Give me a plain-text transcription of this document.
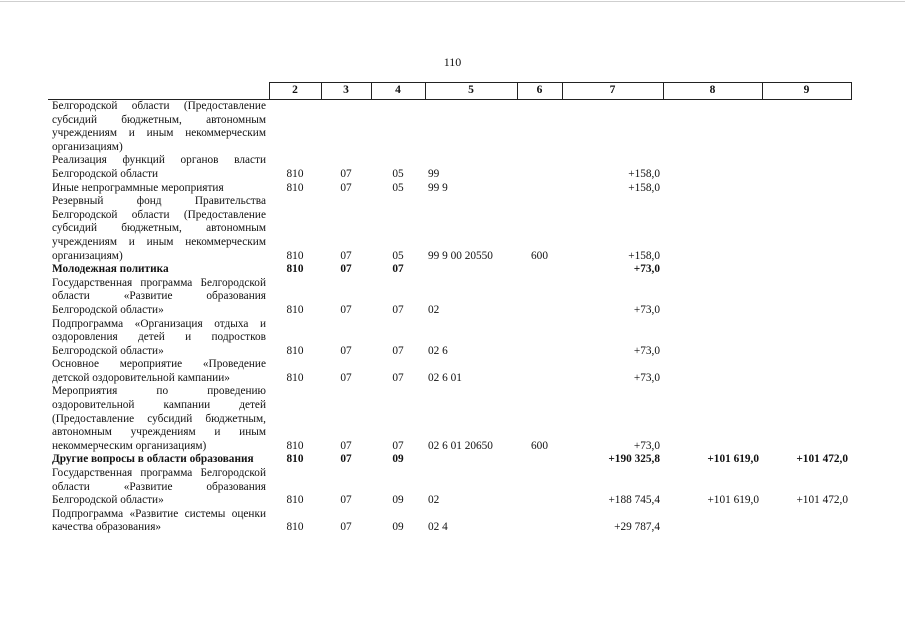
110
	2	3	4	5	6	7	8	9
Белгородской области (Предоставление субсидий бюджетным, автономным учреждениям и иным некоммерческим организациям)								
Реализация функций органов власти Белгородской области	810	07	05	99		+158,0		
Иные непрограммные мероприятия	810	07	05	99 9		+158,0		
Резервный фонд Правительства Белгородской области (Предоставление субсидий бюджетным, автономным учреждениям и иным некоммерческим организациям)	810	07	05	99 9 00 20550	600	+158,0		
Молодежная политика	810	07	07			+73,0		
Государственная программа Белгородской области «Развитие образования Белгородской области»	810	07	07	02		+73,0		
Подпрограмма «Организация отдыха и оздоровления детей и подростков Белгородской области»	810	07	07	02 6		+73,0		
Основное мероприятие «Проведение детской оздоровительной кампании»	810	07	07	02 6 01		+73,0		
Мероприятия по проведению оздоровительной кампании детей (Предоставление субсидий бюджетным, автономным учреждениям и иным некоммерческим организациям)	810	07	07	02 6 01 20650	600	+73,0		
Другие вопросы в области образования	810	07	09			+190 325,8	+101 619,0	+101 472,0
Государственная программа Белгородской области «Развитие образования Белгородской области»	810	07	09	02		+188 745,4	+101 619,0	+101 472,0
Подпрограмма «Развитие системы оценки качества образования»	810	07	09	02 4		+29 787,4		
